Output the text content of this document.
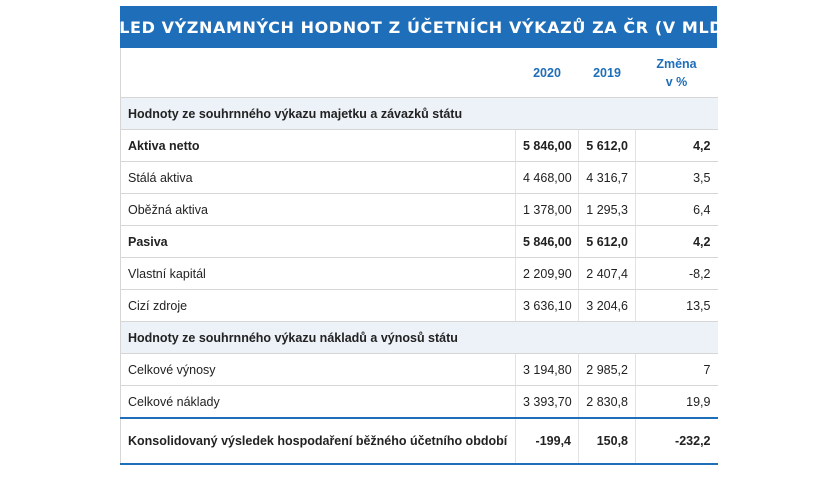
PŘEHLED VÝZNAMNÝCH HODNOT Z ÚČETNÍCH VÝKAZŮ ZA ČR (V MLD. KČ)
	2020	2019	Změna v %
Hodnoty ze souhrnného výkazu majetku a závazků státu			
Aktiva netto	5 846,00	5 612,0	4,2
Stálá aktiva	4 468,00	4 316,7	3,5
Oběžná aktiva	1 378,00	1 295,3	6,4
Pasiva	5 846,00	5 612,0	4,2
Vlastní kapitál	2 209,90	2 407,4	-8,2
Cizí zdroje	3 636,10	3 204,6	13,5
Hodnoty ze souhrnného výkazu nákladů a výnosů státu			
Celkové výnosy	3 194,80	2 985,2	7
Celkové náklady	3 393,70	2 830,8	19,9
Konsolidovaný výsledek hospodaření běžného účetního období	-199,4	150,8	-232,2
